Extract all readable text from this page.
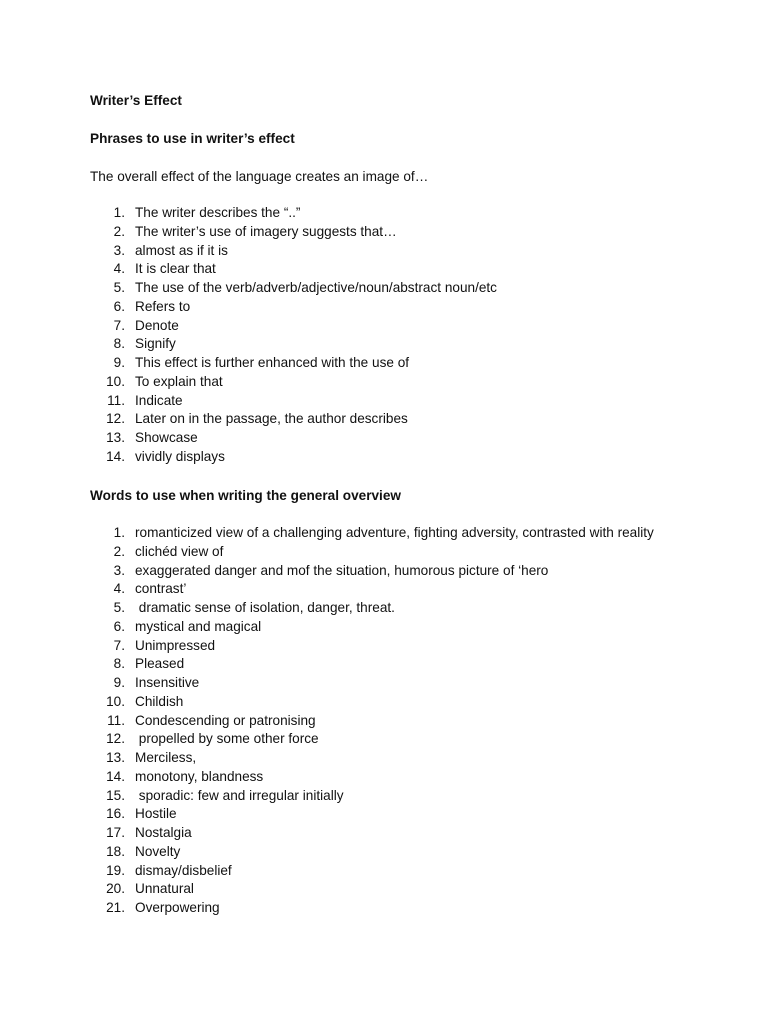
Writer’s Effect
Phrases to use in writer’s effect
The overall effect of the language creates an image of…
1. The writer describes the “..”
2. The writer’s use of imagery suggests that…
3. almost as if it is
4. It is clear that
5. The use of the verb/adverb/adjective/noun/abstract noun/etc
6. Refers to
7. Denote
8. Signify
9. This effect is further enhanced with the use of
10. To explain that
11. Indicate
12. Later on in the passage, the author describes
13. Showcase
14. vividly displays
Words to use when writing the general overview
1. romanticized view of a challenging adventure, fighting adversity, contrasted with reality
2. clichéd view of
3. exaggerated danger and mof the situation, humorous picture of ‘hero
4. contrast’
5. dramatic sense of isolation, danger, threat.
6. mystical and magical
7. Unimpressed
8. Pleased
9. Insensitive
10. Childish
11. Condescending or patronising
12. propelled by some other force
13. Merciless,
14. monotony, blandness
15. sporadic: few and irregular initially
16. Hostile
17. Nostalgia
18. Novelty
19. dismay/disbelief
20. Unnatural
21. Overpowering
